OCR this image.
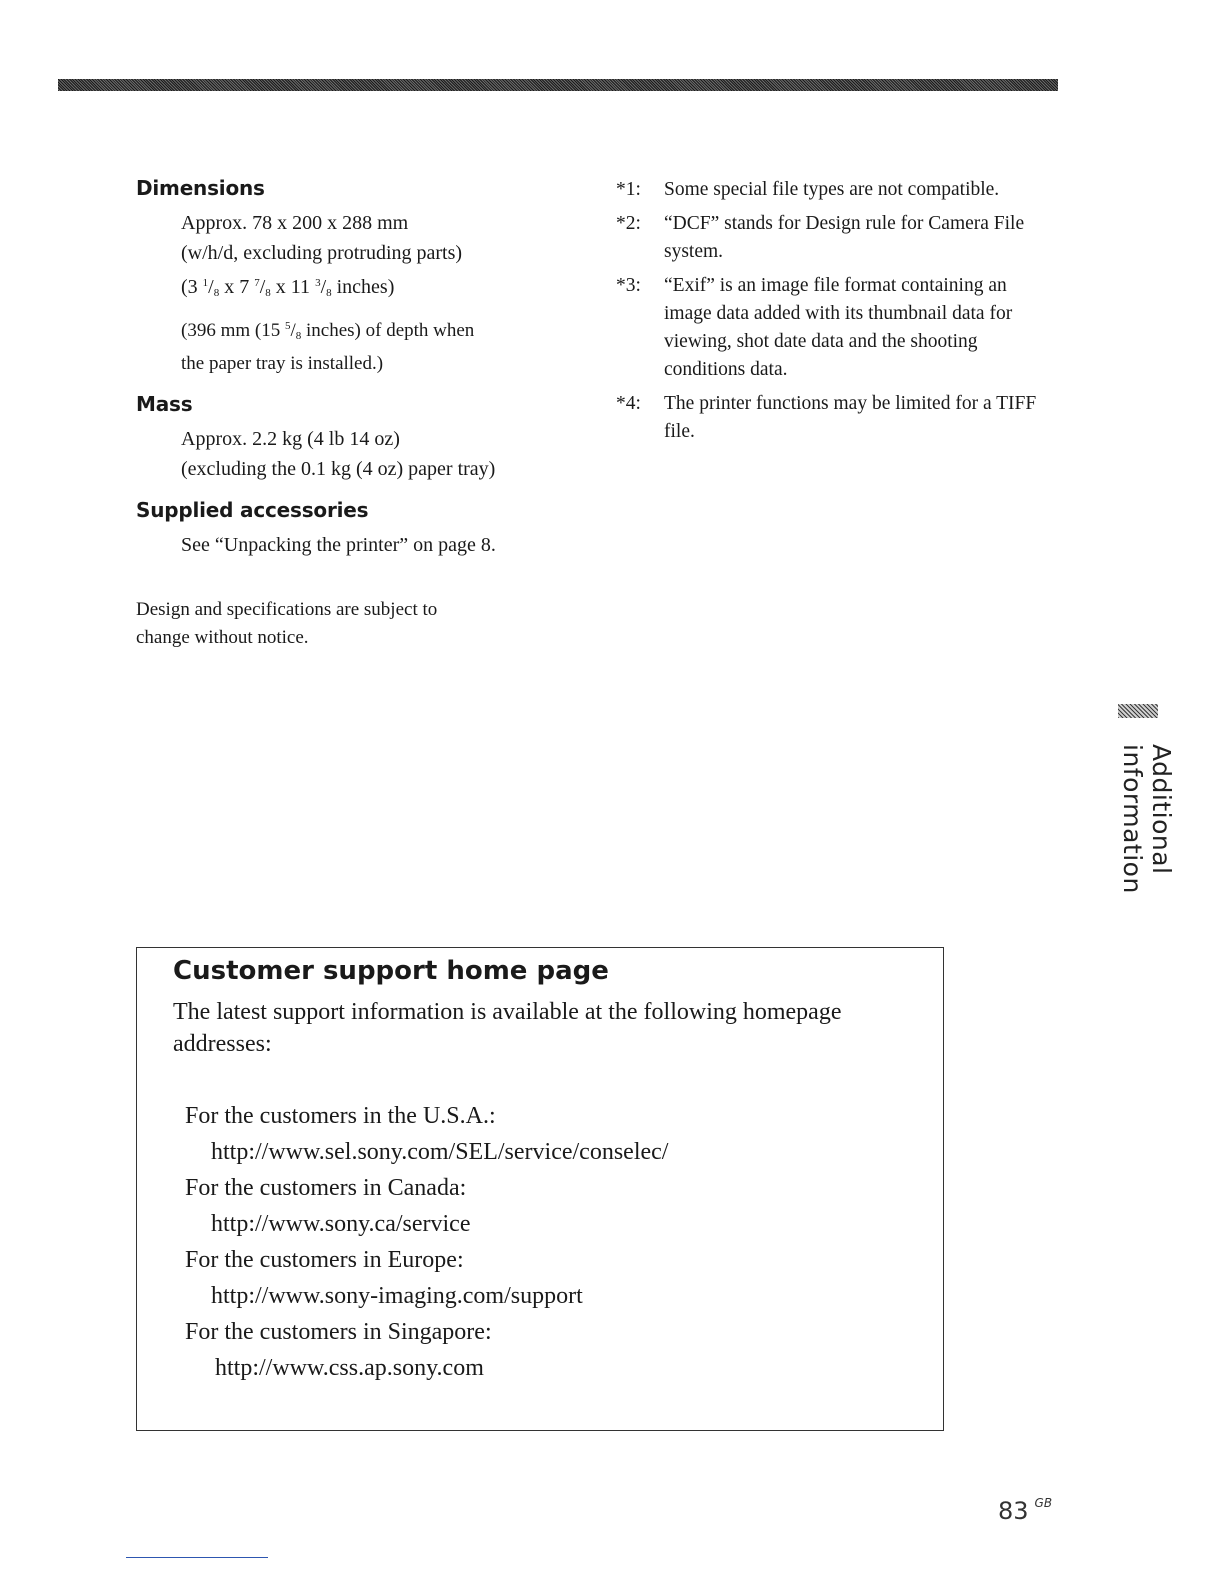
Dimensions
Approx. 78 x 200 x 288 mm
(w/h/d, excluding protruding parts)
(3 $^1/_8$ x 7 $^7/_8$ x 11 $^3/_8$ inches)
(396 mm (15 $^5/_8$ inches) of depth when
the paper tray is installed.)
Mass
Approx. 2.2 kg (4 lb 14 oz)
(excluding the 0.1 kg (4 oz) paper tray)
Supplied accessories
See “Unpacking the printer” on page 8.
Design and specifications are subject to
change without notice.
*1:	Some special file types are not compatible.
*2:	“DCF” stands for Design rule for Camera File system.
*3:	“Exif” is an image file format containing an image data added with its thumbnail data for viewing, shot date data and the shooting conditions data.
*4:	The printer functions may be limited for a TIFF file.
Additional information
Customer support home page
The latest support information is available at the following homepage addresses:
For the customers in the U.S.A.:
http://www.sel.sony.com/SEL/service/conselec/
For the customers in Canada:
http://www.sony.ca/service
For the customers in Europe:
http://www.sony-imaging.com/support
For the customers in Singapore:
http://www.css.ap.sony.com
83 $^{GB}$
